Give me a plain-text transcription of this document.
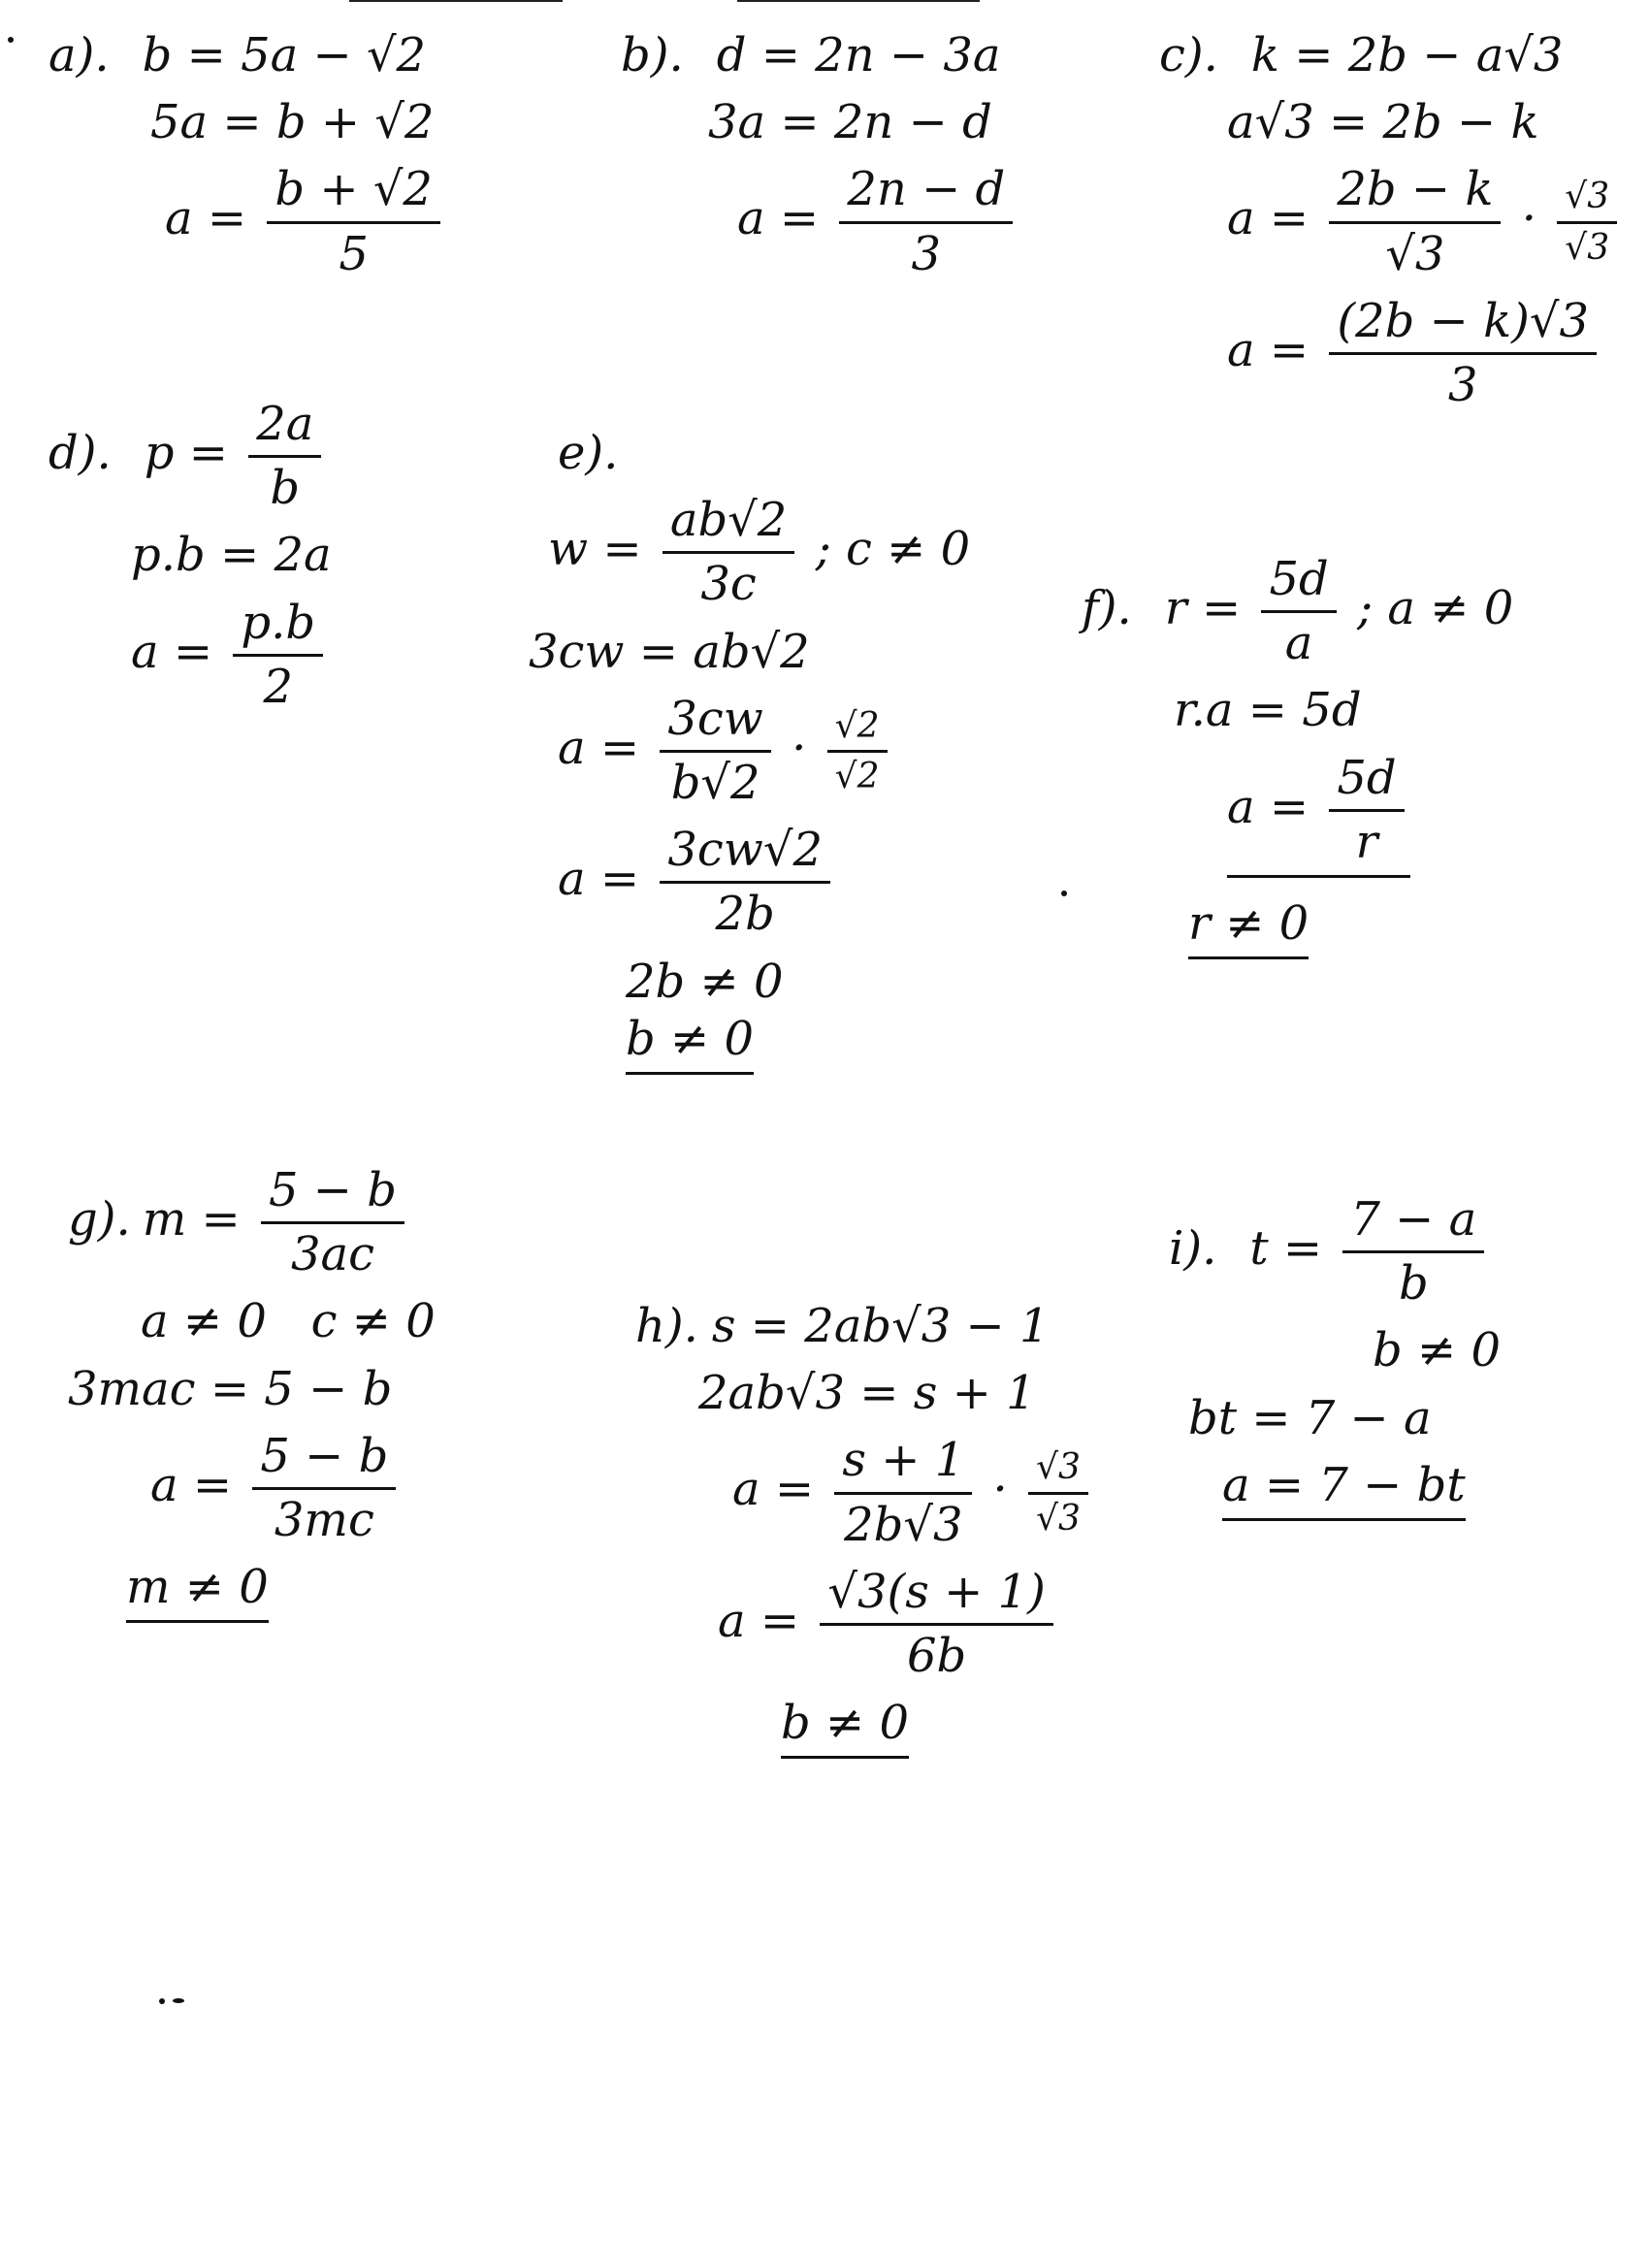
a). b = 5a − √2
5a = b + √2
$a = \frac{b + √2}{5}$
b). d = 2n − 3a
3a = 2n − d
$a = \frac{2n - d}{3}$
c). k = 2b − a√3
a√3 = 2b − k
$a = \frac{2b - k}{√3} \cdot \frac{√3}{√3}$
$a = \frac{(2b - k)√3}{3}$
d). $p = \frac{2a}{b}$
p.b = 2a
$a = \frac{p.b}{2}$
e).
$w = \frac{ab√2}{3c}$ ; c ≠ 0
3cw = ab√2
$a = \frac{3cw}{b√2} \cdot \frac{√2}{√2}$
$a = \frac{3cw√2}{2b}$
2b ≠ 0
b ≠ 0
f). $r = \frac{5d}{a}$ ; a ≠ 0
r.a = 5d
$a = \frac{5d}{r}$
r ≠ 0
g). $m = \frac{5 - b}{3ac}$
a ≠ 0   c ≠ 0
3mac = 5 − b
$a = \frac{5 - b}{3mc}$
m ≠ 0
h). s = 2ab√3 − 1
2ab√3 = s + 1
$a = \frac{s + 1}{2b√3} \cdot \frac{√3}{√3}$
$a = \frac{√3(s + 1)}{6b}$
b ≠ 0
i). $t = \frac{7 - a}{b}$
b ≠ 0
bt = 7 − a
a = 7 − bt
